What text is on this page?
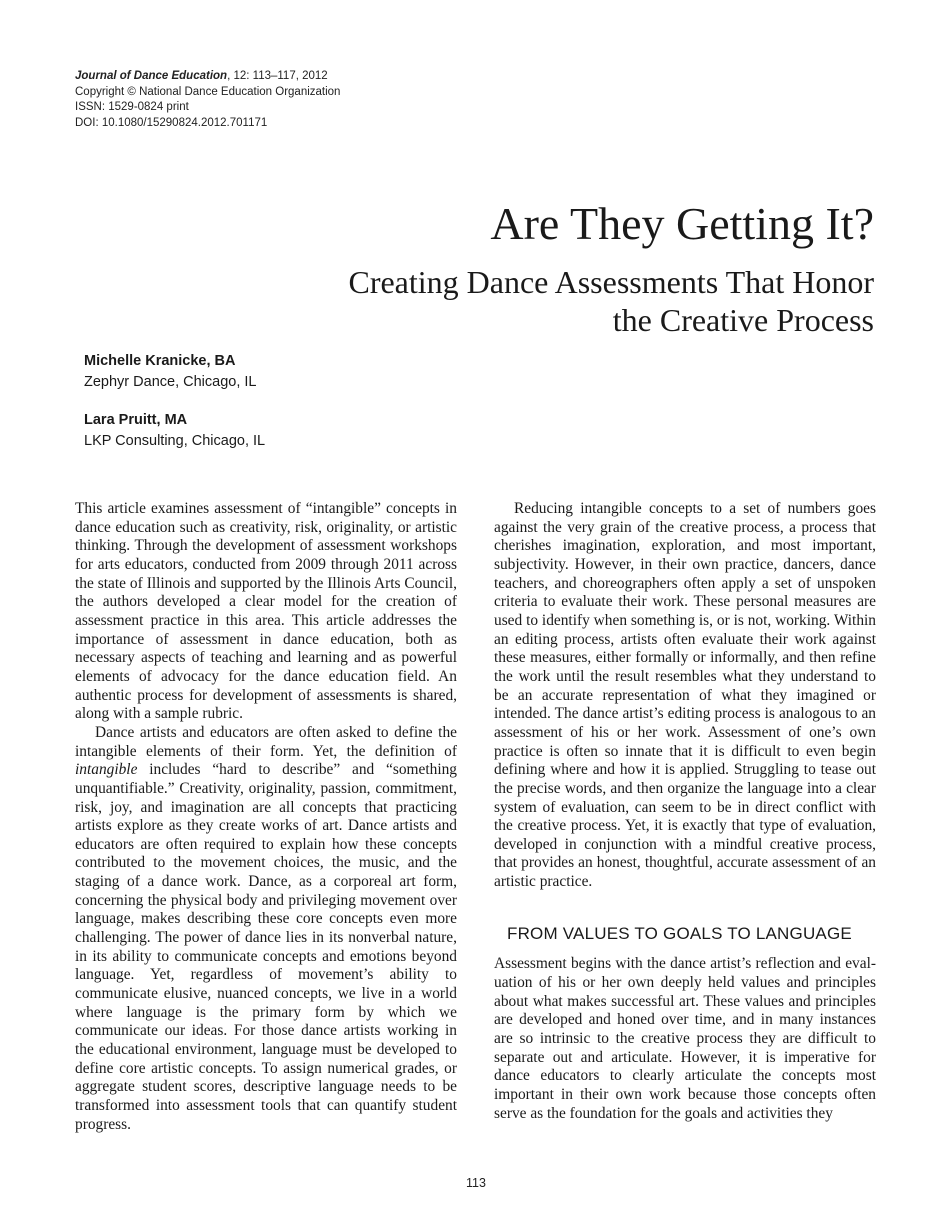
Journal of Dance Education, 12: 113–117, 2012
Copyright © National Dance Education Organization
ISSN: 1529-0824 print
DOI: 10.1080/15290824.2012.701171
Are They Getting It?
Creating Dance Assessments That Honor the Creative Process
Michelle Kranicke, BA
Zephyr Dance, Chicago, IL
Lara Pruitt, MA
LKP Consulting, Chicago, IL

This article examines assessment of “intangible” concepts in dance education such as creativity, risk, originality, or artistic thinking. Through the development of assessment workshops for arts educators, conducted from 2009 through 2011 across the state of Illinois and supported by the Illinois Arts Council, the authors developed a clear model for the creation of assessment practice in this area. This article addresses the importance of assessment in dance education, both as necessary aspects of teaching and learning and as powerful elements of advocacy for the dance education field. An authentic process for development of assessments is shared, along with a sample rubric.

Dance artists and educators are often asked to define the intangible elements of their form. Yet, the definition of intangible includes “hard to describe” and “something unquantifiable.” Creativity, originality, passion, commitment, risk, joy, and imagination are all concepts that practicing artists explore as they create works of art. Dance artists and educators are often required to explain how these concepts contributed to the movement choices, the music, and the staging of a dance work. Dance, as a corporeal art form, concerning the physical body and privileging movement over language, makes describing these core concepts even more challenging. The power of dance lies in its nonverbal nature, in its ability to communicate concepts and emotions beyond language. Yet, regardless of movement’s ability to communicate elusive, nuanced concepts, we live in a world where language is the primary form by which we communicate our ideas. For those dance artists working in the educational environment, language must be developed to define core artistic concepts. To assign numerical grades, or aggregate student scores, descriptive language needs to be transformed into assessment tools that can quantify student progress.

Reducing intangible concepts to a set of numbers goes against the very grain of the creative process, a process that cherishes imagination, exploration, and most important, subjectivity. However, in their own practice, dancers, dance teachers, and choreographers often apply a set of unspoken criteria to evaluate their work. These personal measures are used to identify when something is, or is not, working. Within an editing process, artists often evaluate their work against these measures, either formally or informally, and then refine the work until the result resembles what they understand to be an accurate representation of what they imagined or intended. The dance artist’s editing process is analogous to an assessment of his or her work. Assessment of one’s own practice is often so innate that it is difficult to even begin defining where and how it is applied. Struggling to tease out the precise words, and then organize the language into a clear system of evaluation, can seem to be in direct conflict with the creative process. Yet, it is exactly that type of evaluation, developed in conjunction with a mindful creative process, that provides an honest, thoughtful, accurate assessment of an artistic practice.

FROM VALUES TO GOALS TO LANGUAGE

Assessment begins with the dance artist’s reflection and evaluation of his or her own deeply held values and principles about what makes successful art. These values and principles are developed and honed over time, and in many instances are so intrinsic to the creative process they are difficult to separate out and articulate. However, it is imperative for dance educators to clearly articulate the concepts most important in their own work because those concepts often serve as the foundation for the goals and activities they

113
